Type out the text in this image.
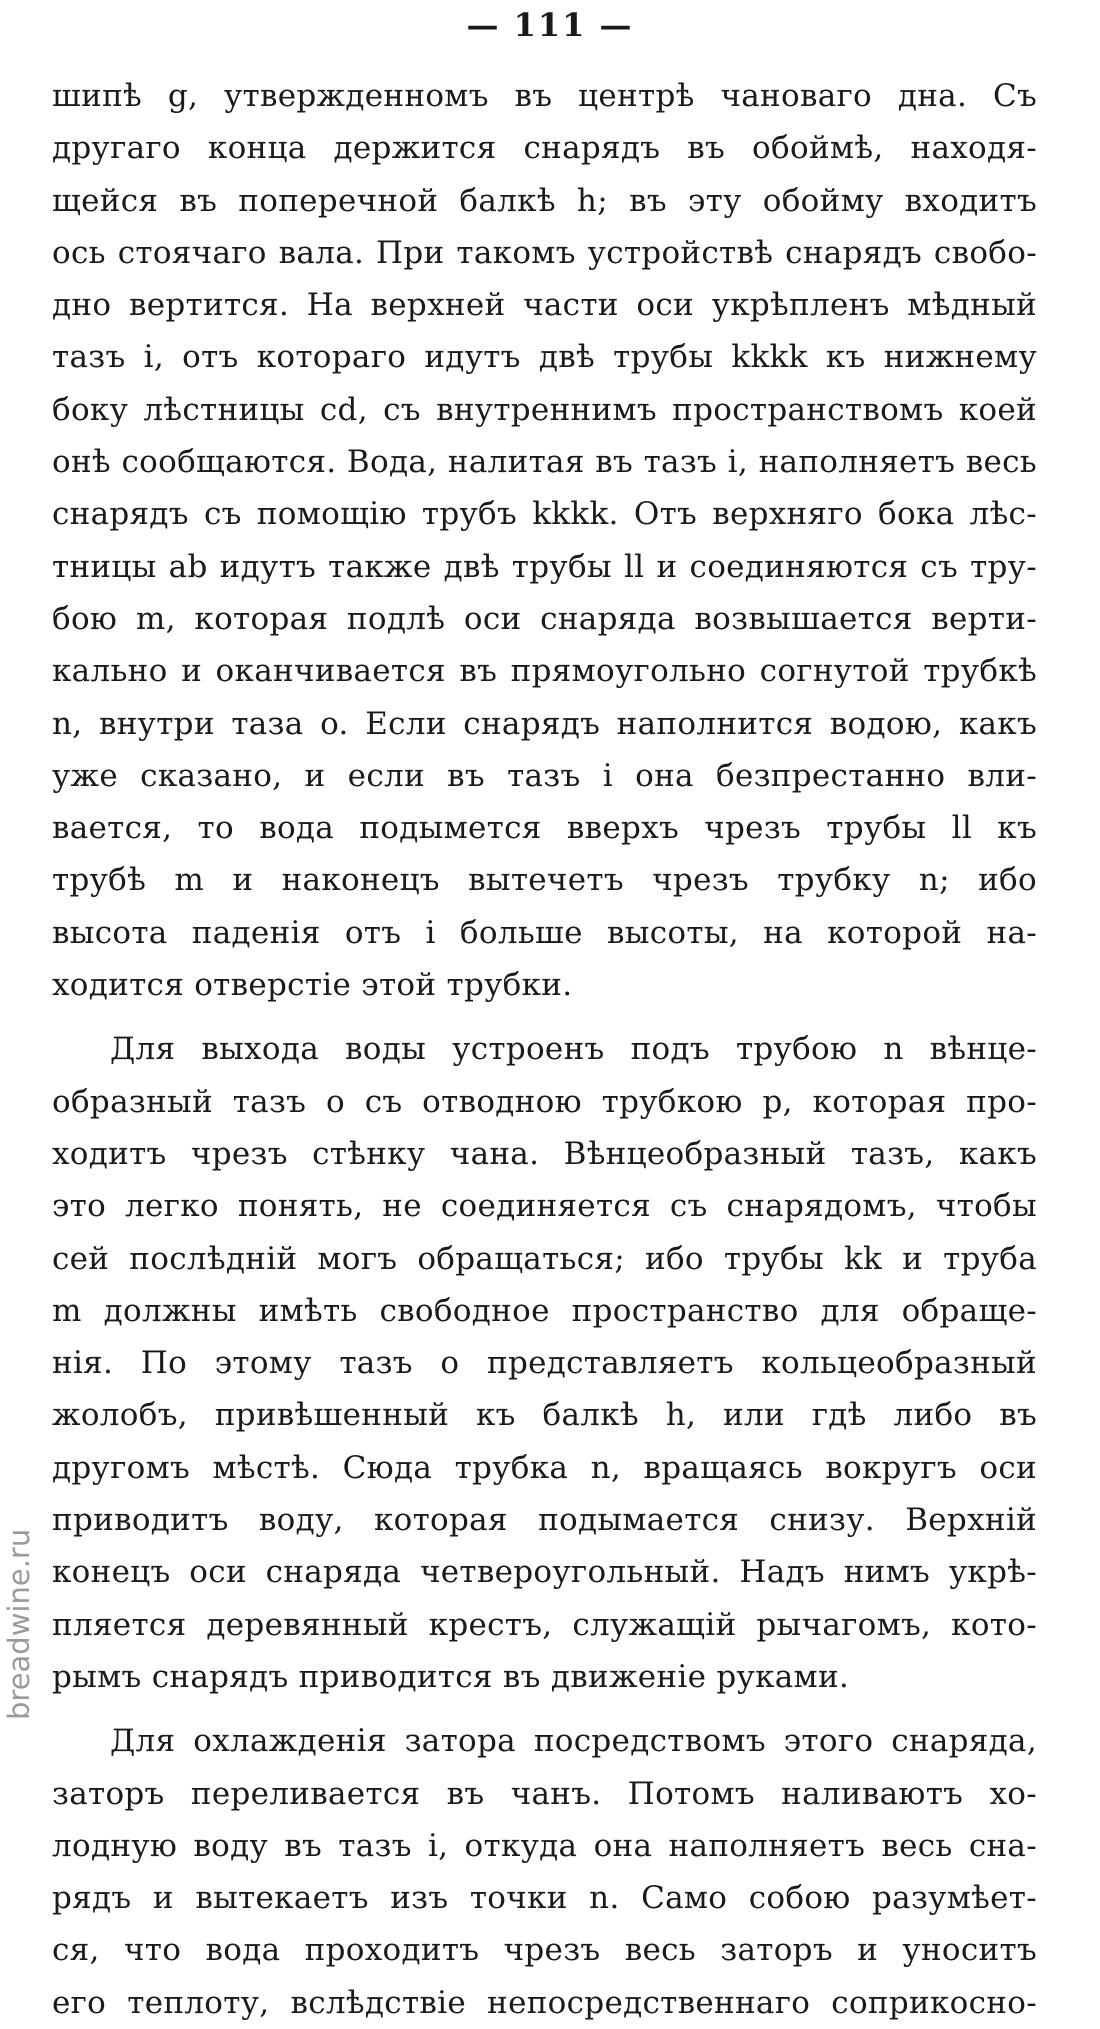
— 111 —
шипѣ g, утвержденномъ въ центрѣ чановаго дна. Съ
другаго конца держится снарядъ въ обоймѣ, находя-
щейся въ поперечной балкѣ h; въ эту обойму входитъ
ось стоячаго вала. При такомъ устройствѣ снарядъ свобо-
дно вертится. На верхней части оси укрѣпленъ мѣдный
тазъ i, отъ котораго идутъ двѣ трубы kkkk къ нижнему
боку лѣстницы cd, съ внутреннимъ пространствомъ коей
онѣ сообщаются. Вода, налитая въ тазъ i, наполняетъ весь
снарядъ съ помощію трубъ kkkk. Отъ верхняго бока лѣс-
тницы ab идутъ также двѣ трубы ll и соединяются съ тру-
бою m, которая подлѣ оси снаряда возвышается верти-
кально и оканчивается въ прямоугольно согнутой трубкѣ
n, внутри таза o. Если снарядъ наполнится водою, какъ
уже сказано, и если въ тазъ i она безпрестанно вли-
вается, то вода подымется вверхъ чрезъ трубы ll къ
трубѣ m и наконецъ вытечетъ чрезъ трубку n; ибо
высота паденія отъ i больше высоты, на которой на-
ходится отверстіе этой трубки.
Для выхода воды устроенъ подъ трубою n вѣнце-
образный тазъ o съ отводною трубкою p, которая про-
ходитъ чрезъ стѣнку чана. Вѣнцеобразный тазъ, какъ
это легко понять, не соединяется съ снарядомъ, чтобы
сей послѣдній могъ обращаться; ибо трубы kk и труба
m должны имѣть свободное пространство для обраще-
нія. По этому тазъ o представляетъ кольцеобразный
жолобъ, привѣшенный къ балкѣ h, или гдѣ либо въ
другомъ мѣстѣ. Сюда трубка n, вращаясь вокругъ оси
приводитъ воду, которая подымается снизу. Верхній
конецъ оси снаряда четвероугольный. Надъ нимъ укрѣ-
пляется деревянный крестъ, служащій рычагомъ, кото-
рымъ снарядъ приводится въ движеніе руками.
Для охлажденія затора посредствомъ этого снаряда,
заторъ переливается въ чанъ. Потомъ наливаютъ хо-
лодную воду въ тазъ i, откуда она наполняетъ весь сна-
рядъ и вытекаетъ изъ точки n. Само собою разумѣет-
ся, что вода проходитъ чрезъ весь заторъ и уноситъ
его теплоту, вслѣдствіе непосредственнаго соприкосно-
breadwine.ru
